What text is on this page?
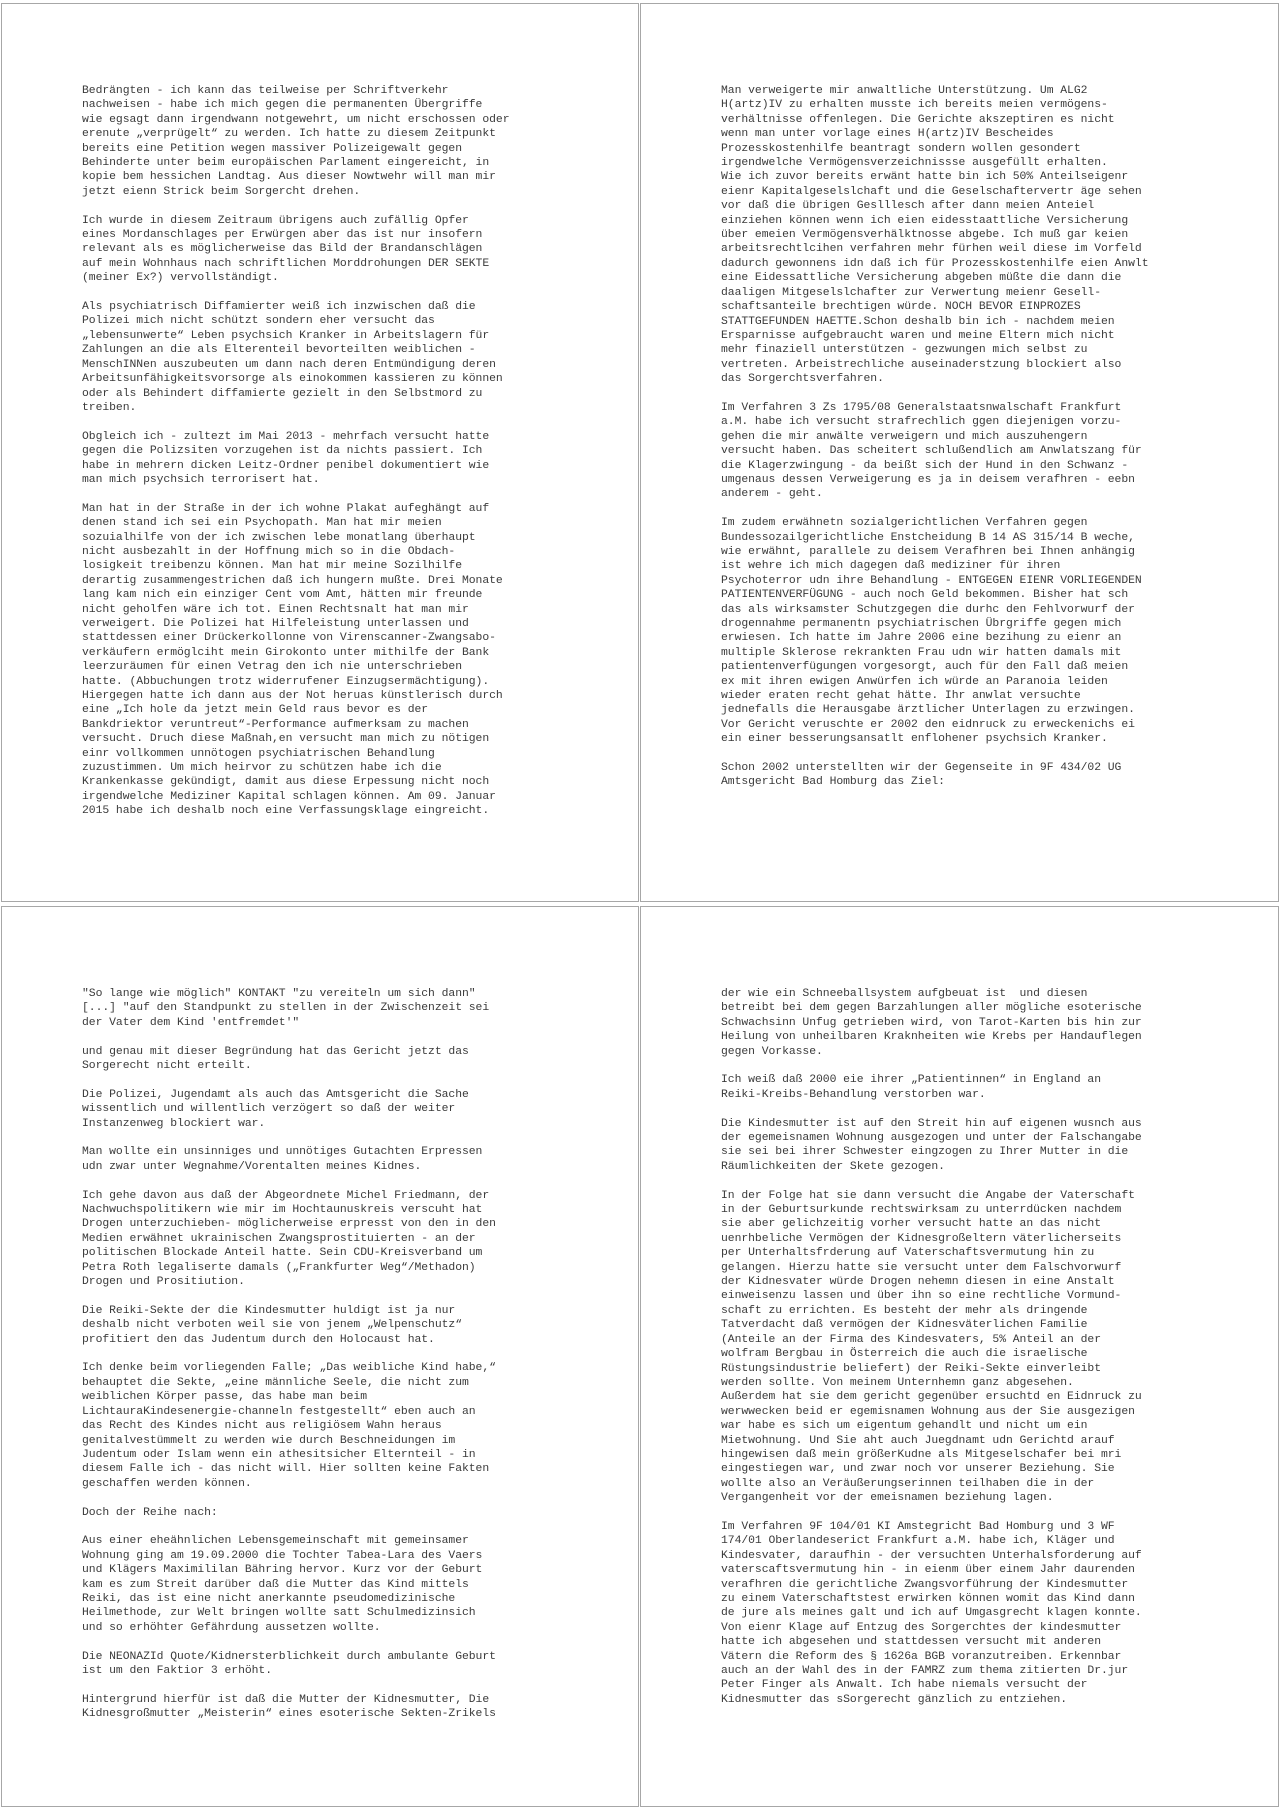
Bedrängten - ich kann das teilweise per Schriftverkehr
nachweisen - habe ich mich gegen die permanenten Übergriffe
wie egsagt dann irgendwann notgewehrt, um nicht erschossen oder
erenute „verprügelt“ zu werden. Ich hatte zu diesem Zeitpunkt
bereits eine Petition wegen massiver Polizeigewalt gegen
Behinderte unter beim europäischen Parlament eingereicht, in
kopie bem hessichen Landtag. Aus dieser Nowtwehr will man mir
jetzt eienn Strick beim Sorgercht drehen.

Ich wurde in diesem Zeitraum übrigens auch zufällig Opfer
eines Mordanschlages per Erwürgen aber das ist nur insofern
relevant als es möglicherweise das Bild der Brandanschlägen
auf mein Wohnhaus nach schriftlichen Morddrohungen DER SEKTE
(meiner Ex?) vervollständigt.

Als psychiatrisch Diffamierter weiß ich inzwischen daß die
Polizei mich nicht schützt sondern eher versucht das
„lebensunwerte“ Leben psychsich Kranker in Arbeitslagern für
Zahlungen an die als Elterenteil bevorteilten weiblichen -
MenschINNen auszubeuten um dann nach deren Entmündigung deren
Arbeitsunfähigkeitsvorsorge als einokommen kassieren zu können
oder als Behindert diffamierte gezielt in den Selbstmord zu
treiben.

Obgleich ich - zultezt im Mai 2013 - mehrfach versucht hatte
gegen die Polizsiten vorzugehen ist da nichts passiert. Ich
habe in mehrern dicken Leitz-Ordner penibel dokumentiert wie
man mich psychsich terrorisert hat.

Man hat in der Straße in der ich wohne Plakat aufeghängt auf
denen stand ich sei ein Psychopath. Man hat mir meien
sozuialhilfe von der ich zwischen lebe monatlang überhaupt
nicht ausbezahlt in der Hoffnung mich so in die Obdach-
losigkeit treibenzu können. Man hat mir meine Sozilhilfe
derartig zusammengestrichen daß ich hungern mußte. Drei Monate
lang kam nich ein einziger Cent vom Amt, hätten mir freunde
nicht geholfen wäre ich tot. Einen Rechtsnalt hat man mir
verweigert. Die Polizei hat Hilfeleistung unterlassen und
stattdessen einer Drückerkollonne von Virenscanner-Zwangsabo-
verkäufern ermöglciht mein Girokonto unter mithilfe der Bank
leerzuräumen für einen Vetrag den ich nie unterschrieben
hatte. (Abbuchungen trotz widerrufener Einzugsermächtigung).
Hiergegen hatte ich dann aus der Not heruas künstlerisch durch
eine „Ich hole da jetzt mein Geld raus bevor es der
Bankdriektor veruntreut“-Performance aufmerksam zu machen
versucht. Druch diese Maßnah,en versucht man mich zu nötigen
einr vollkommen unnötogen psychiatrischen Behandlung
zuzustimmen. Um mich heirvor zu schützen habe ich die
Krankenkasse gekündigt, damit aus diese Erpessung nicht noch
irgendwelche Mediziner Kapital schlagen können. Am 09. Januar
2015 habe ich deshalb noch eine Verfassungsklage eingreicht.

Man verweigerte mir anwaltliche Unterstützung. Um ALG2
H(artz)IV zu erhalten musste ich bereits meien vermögens-
verhältnisse offenlegen. Die Gerichte akszeptiren es nicht
wenn man unter vorlage eines H(artz)IV Bescheides
Prozesskostenhilfe beantragt sondern wollen gesondert
irgendwelche Vermögensverzeichnissse ausgefüllt erhalten.
Wie ich zuvor bereits erwänt hatte bin ich 50% Anteilseigenr
eienr Kapitalgeselslchaft und die Geselschaftervertr äge sehen
vor daß die übrigen Geslllesch after dann meien Anteiel
einziehen können wenn ich eien eidesstaattliche Versicherung
über emeien Vermögensverhälktnosse abgebe. Ich muß gar keien
arbeitsrechtlcihen verfahren mehr fürhen weil diese im Vorfeld
dadurch gewonnens idn daß ich für Prozesskostenhilfe eien Anwlt
eine Eidessattliche Versicherung abgeben müßte die dann die
daaligen Mitgeselslchafter zur Verwertung meienr Gesell-
schaftsanteile brechtigen würde. NOCH BEVOR EINPROZES
STATTGEFUNDEN HAETTE.Schon deshalb bin ich - nachdem meien
Ersparnisse aufgebraucht waren und meine Eltern mich nicht
mehr finaziell unterstützen - gezwungen mich selbst zu
vertreten. Arbeistrechliche auseinaderstzung blockiert also
das Sorgerchtsverfahren.

Im Verfahren 3 Zs 1795/08 Generalstaatsnwalschaft Frankfurt
a.M. habe ich versucht strafrechlich ggen diejenigen vorzu-
gehen die mir anwälte verweigern und mich auszuhengern
versucht haben. Das scheitert schlußendlich am Anwlatszang für
die Klagerzwingung - da beißt sich der Hund in den Schwanz -
umgenaus dessen Verweigerung es ja in deisem verafhren - eebn
anderem - geht.

Im zudem erwähnetn sozialgerichtlichen Verfahren gegen
Bundessozailgerichtliche Enstcheidung B 14 AS 315/14 B weche,
wie erwähnt, parallele zu deisem Verafhren bei Ihnen anhängig
ist wehre ich mich dagegen daß mediziner für ihren
Psychoterror udn ihre Behandlung - ENTGEGEN EIENR VORLIEGENDEN
PATIENTENVERFÜGUNG - auch noch Geld bekommen. Bisher hat sch
das als wirksamster Schutzgegen die durhc den Fehlvorwurf der
drogennahme permanentn psychiatrischen Übrgriffe gegen mich
erwiesen. Ich hatte im Jahre 2006 eine bezihung zu eienr an
multiple Sklerose rekrankten Frau udn wir hatten damals mit
patientenverfügungen vorgesorgt, auch für den Fall daß meien
ex mit ihren ewigen Anwürfen ich würde an Paranoia leiden
wieder eraten recht gehat hätte. Ihr anwlat versuchte
jednefalls die Herausgabe ärztlicher Unterlagen zu erzwingen.
Vor Gericht veruschte er 2002 den eidnruck zu erweckenichs ei
ein einer besserungsansatlt enflohener psychsich Kranker.

Schon 2002 unterstellten wir der Gegenseite in 9F 434/02 UG
Amtsgericht Bad Homburg das Ziel:

"So lange wie möglich" KONTAKT "zu vereiteln um sich dann"
[...] "auf den Standpunkt zu stellen in der Zwischenzeit sei
der Vater dem Kind 'entfremdet'"

und genau mit dieser Begründung hat das Gericht jetzt das
Sorgerecht nicht erteilt.

Die Polizei, Jugendamt als auch das Amtsgericht die Sache
wissentlich und willentlich verzögert so daß der weiter
Instanzenweg blockiert war.

Man wollte ein unsinniges und unnötiges Gutachten Erpressen
udn zwar unter Wegnahme/Vorentalten meines Kidnes.

Ich gehe davon aus daß der Abgeordnete Michel Friedmann, der
Nachwuchspolitikern wie mir im Hochtaunuskreis verscuht hat
Drogen unterzuchieben- möglicherweise erpresst von den in den
Medien erwähnet ukrainischen Zwangsprostituierten - an der
politischen Blockade Anteil hatte. Sein CDU-Kreisverband um
Petra Roth legaliserte damals („Frankfurter Weg“/Methadon)
Drogen und Prositiution.

Die Reiki-Sekte der die Kindesmutter huldigt ist ja nur
deshalb nicht verboten weil sie von jenem „Welpenschutz“
profitiert den das Judentum durch den Holocaust hat.

Ich denke beim vorliegenden Falle; „Das weibliche Kind habe,“
behauptet die Sekte, „eine männliche Seele, die nicht zum
weiblichen Körper passe, das habe man beim
LichtauraKindesenergie-channeln festgestellt“ eben auch an
das Recht des Kindes nicht aus religiösem Wahn heraus
genitalvestümmelt zu werden wie durch Beschneidungen im
Judentum oder Islam wenn ein athesitsicher Elternteil - in
diesem Falle ich - das nicht will. Hier sollten keine Fakten
geschaffen werden können.

Doch der Reihe nach:

Aus einer eheähnlichen Lebensgemeinschaft mit gemeinsamer
Wohnung ging am 19.09.2000 die Tochter Tabea-Lara des Vaers
und Klägers Maximililan Bähring hervor. Kurz vor der Geburt
kam es zum Streit darüber daß die Mutter das Kind mittels
Reiki, das ist eine nicht anerkannte pseudomedizinische
Heilmethode, zur Welt bringen wollte satt Schulmedizinsich
und so erhöhter Gefährdung aussetzen wollte.

Die NEONAZId Quote/Kidnersterblichkeit durch ambulante Geburt
ist um den Faktior 3 erhöht.

Hintergrund hierfür ist daß die Mutter der Kidnesmutter, Die
Kidnesgroßmutter „Meisterin“ eines esoterische Sekten-Zrikels

der wie ein Schneeballsystem aufgbeuat ist  und diesen
betreibt bei dem gegen Barzahlungen aller mögliche esoterische
Schwachsinn Unfug getrieben wird, von Tarot-Karten bis hin zur
Heilung von unheilbaren Kraknheiten wie Krebs per Handauflegen
gegen Vorkasse.

Ich weiß daß 2000 eie ihrer „Patientinnen“ in England an
Reiki-Kreibs-Behandlung verstorben war.

Die Kindesmutter ist auf den Streit hin auf eigenen wusnch aus
der egemeisnamen Wohnung ausgezogen und unter der Falschangabe
sie sei bei ihrer Schwester eingzogen zu Ihrer Mutter in die
Räumlichkeiten der Skete gezogen.

In der Folge hat sie dann versucht die Angabe der Vaterschaft
in der Geburtsurkunde rechtswirksam zu unterrdücken nachdem
sie aber gelichzeitig vorher versucht hatte an das nicht
uenrhbeliche Vermögen der Kidnesgroßeltern väterlicherseits
per Unterhaltsfrderung auf Vaterschaftsvermutung hin zu
gelangen. Hierzu hatte sie versucht unter dem Falschvorwurf
der Kidnesvater würde Drogen nehemn diesen in eine Anstalt
einweisenzu lassen und über ihn so eine rechtliche Vormund-
schaft zu errichten. Es besteht der mehr als dringende
Tatverdacht daß vermögen der Kidnesväterlichen Familie
(Anteile an der Firma des Kindesvaters, 5% Anteil an der
wolfram Bergbau in Österreich die auch die israelische
Rüstungsindustrie beliefert) der Reiki-Sekte einverleibt
werden sollte. Von meinem Unternhemn ganz abgesehen.
Außerdem hat sie dem gericht gegenüber ersuchtd en Eidnruck zu
werwwecken beid er egemisnamen Wohnung aus der Sie ausgezigen
war habe es sich um eigentum gehandlt und nicht um ein
Mietwohnung. Und Sie aht auch Juegdnamt udn Gerichtd arauf
hingewisen daß mein größerKudne als Mitgeselschafer bei mri
eingestiegen war, und zwar noch vor unserer Beziehung. Sie
wollte also an Veräußerungserinnen teilhaben die in der
Vergangenheit vor der emeisnamen beziehung lagen.

Im Verfahren 9F 104/01 KI Amstegricht Bad Homburg und 3 WF
174/01 Oberlandeserict Frankfurt a.M. habe ich, Kläger und
Kindesvater, daraufhin - der versuchten Unterhalsforderung auf
vaterscaftsvermutung hin - in eienm über einem Jahr daurenden
verafhren die gerichtliche Zwangsvorführung der Kindesmutter
zu einem Vaterschaftstest erwirken können womit das Kind dann
de jure als meines galt und ich auf Umgasgrecht klagen konnte.
Von eienr Klage auf Entzug des Sorgerchtes der kindesmutter
hatte ich abgesehen und stattdessen versucht mit anderen
Vätern die Reform des § 1626a BGB voranzutreiben. Erkennbar
auch an der Wahl des in der FAMRZ zum thema zitierten Dr.jur
Peter Finger als Anwalt. Ich habe niemals versucht der
Kidnesmutter das sSorgerecht gänzlich zu entziehen.
